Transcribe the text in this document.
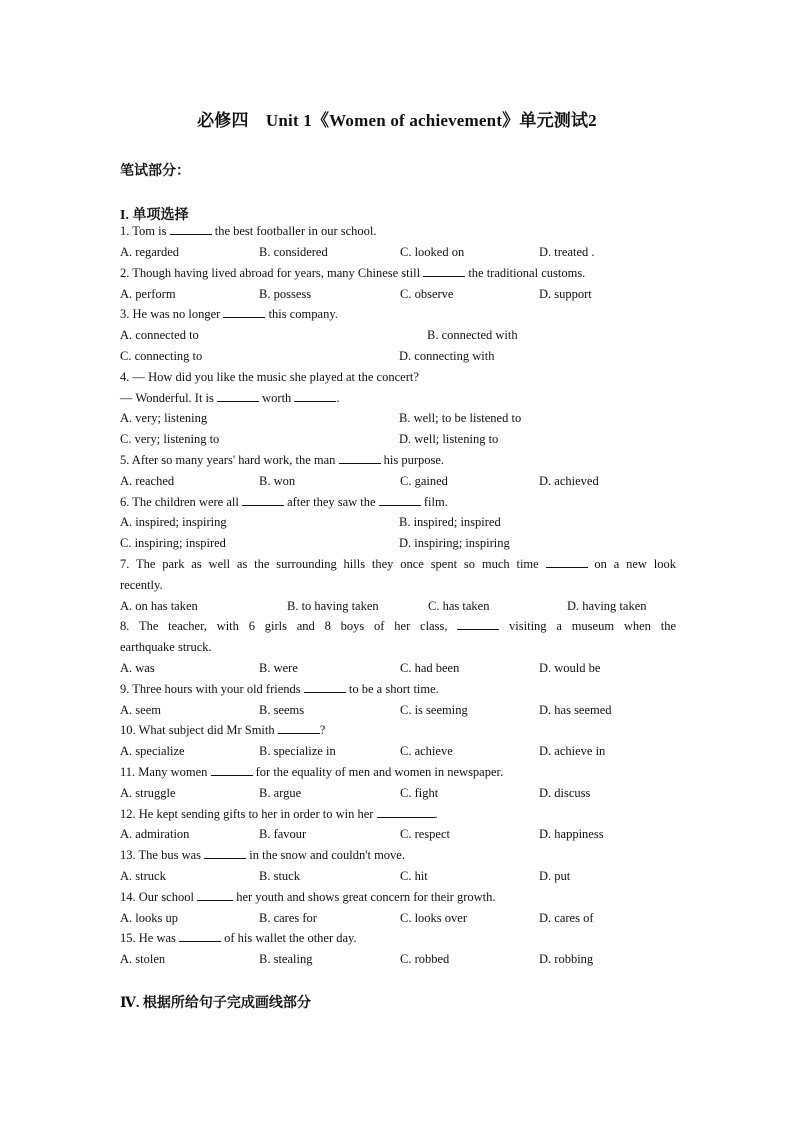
必修四　Unit 1《Women of achievement》单元测试2
笔试部分：
I. 单项选择
1. Tom is	the best footballer in our school.
A. regarded	B. considered	C. looked on	D. treated .
2. Though having lived abroad for years, many Chinese still	the traditional customs.
A. perform	B. possess	C. observe	D. support
3. He was no longer	this company.
A. connected to	B. connected with
C. connecting to	D. connecting with
4. — How did you like the music she played at the concert?
— Wonderful. It is	worth	.
A. very; listening	B. well; to be listened to
C. very; listening to	D. well; listening to
5. After so many years' hard work, the man	his purpose.
A. reached	B. won	C. gained	D. achieved
6. The children were all	after they saw the	film.
A. inspired; inspiring	B. inspired; inspired
C. inspiring; inspired	D. inspiring; inspiring
7. The park as well as the surrounding hills they once spent so much time	on a new look
recently.
A. on has taken	B. to having taken	C. has taken	D. having taken
8. The teacher, with 6 girls and 8 boys of her class,	visiting a museum when the
earthquake struck.
A. was	B. were	C. had been	D. would be
9. Three hours with your old friends	to be a short time.
A. seem	B. seems	C. is seeming	D. has seemed
10. What subject did Mr Smith	?
A. specialize	B. specialize in	C. achieve	D. achieve in
11. Many women	for the equality of men and women in newspaper.
A. struggle	B. argue	C. fight	D. discuss
12. He kept sending gifts to her in order to win her	.
A. admiration	B. favour	C. respect	D. happiness
13. The bus was	in the snow and couldn't move.
A. struck	B. stuck	C. hit	D. put
14. Our school	her youth and shows great concern for their growth.
A. looks up	B. cares for	C. looks over	D. cares of
15. He was	of his wallet the other day.
A. stolen	B. stealing	C. robbed	D. robbing
Ⅳ. 根据所给句子完成画线部分
